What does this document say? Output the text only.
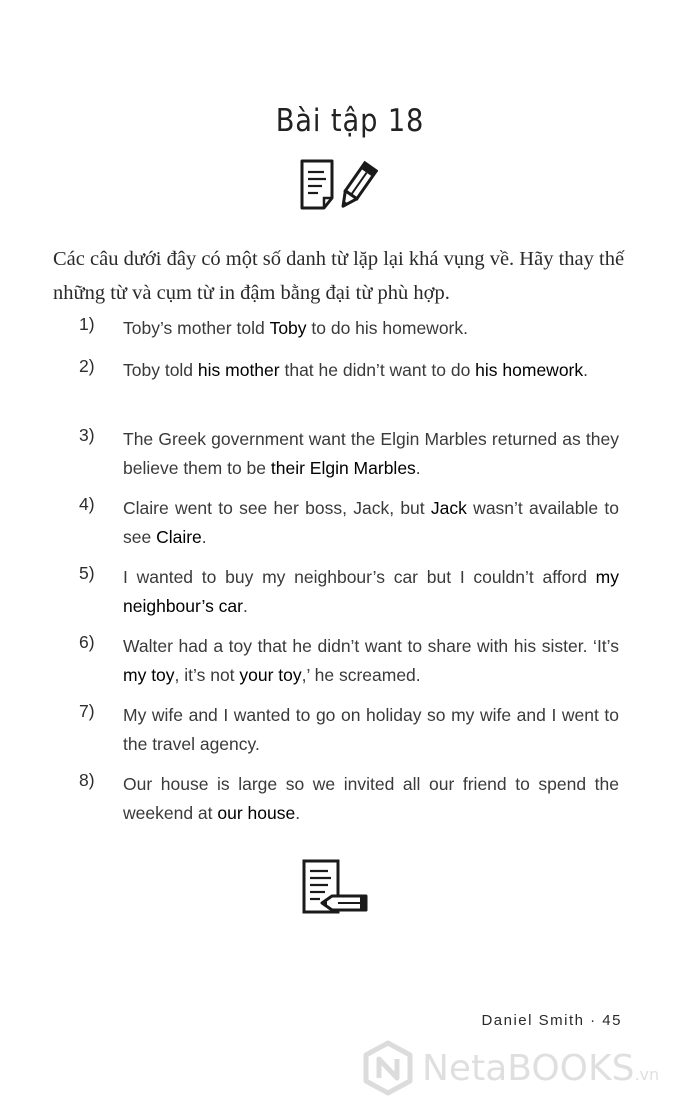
Bài tập 18
Các câu dưới đây có một số danh từ lặp lại khá vụng về. Hãy thay thế những từ và cụm từ in đậm bằng đại từ phù hợp.
1) Toby’s mother told Toby to do his homework.
2) Toby told his mother that he didn’t want to do his homework.
3) The Greek government want the Elgin Marbles returned as they believe them to be their Elgin Marbles.
4) Claire went to see her boss, Jack, but Jack wasn’t available to see Claire.
5) I wanted to buy my neighbour’s car but I couldn’t afford my neighbour’s car.
6) Walter had a toy that he didn’t want to share with his sister. ‘It’s my toy, it’s not your toy,’ he screamed.
7) My wife and I wanted to go on holiday so my wife and I went to the travel agency.
8) Our house is large so we invited all our friend to spend the weekend at our house.
Daniel Smith · 45
NetaBOOKS.vn
